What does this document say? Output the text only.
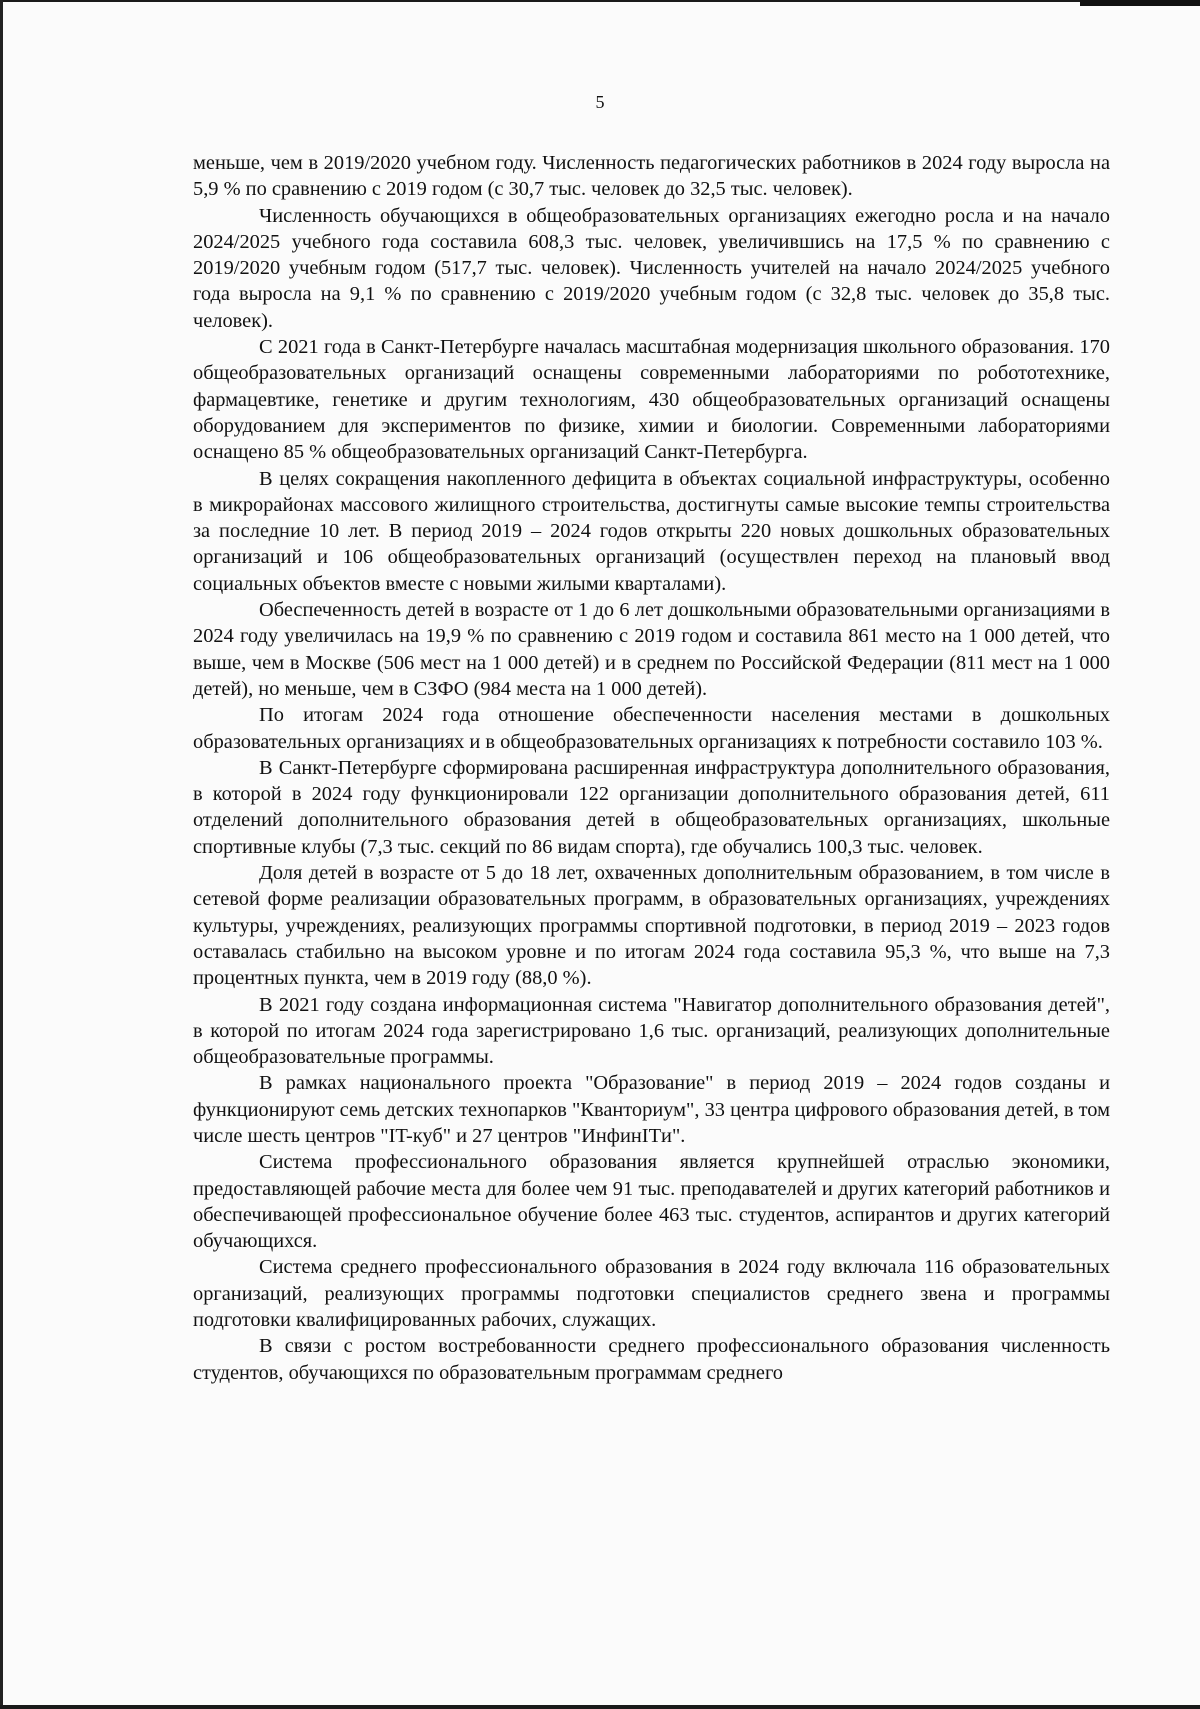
5

меньше, чем в 2019/2020 учебном году. Численность педагогических работников в 2024 году выросла на 5,9 % по сравнению с 2019 годом (с 30,7 тыс. человек до 32,5 тыс. человек).

Численность обучающихся в общеобразовательных организациях ежегодно росла и на начало 2024/2025 учебного года составила 608,3 тыс. человек, увеличившись на 17,5 % по сравнению с 2019/2020 учебным годом (517,7 тыс. человек). Численность учителей на начало 2024/2025 учебного года выросла на 9,1 % по сравнению с 2019/2020 учебным годом (с 32,8 тыс. человек до 35,8 тыс. человек).

С 2021 года в Санкт-Петербурге началась масштабная модернизация школьного образования. 170 общеобразовательных организаций оснащены современными лабораториями по робототехнике, фармацевтике, генетике и другим технологиям, 430 общеобразовательных организаций оснащены оборудованием для экспериментов по физике, химии и биологии. Современными лабораториями оснащено 85 % общеобразовательных организаций Санкт-Петербурга.

В целях сокращения накопленного дефицита в объектах социальной инфраструктуры, особенно в микрорайонах массового жилищного строительства, достигнуты самые высокие темпы строительства за последние 10 лет. В период 2019 – 2024 годов открыты 220 новых дошкольных образовательных организаций и 106 общеобразовательных организаций (осуществлен переход на плановый ввод социальных объектов вместе с новыми жилыми кварталами).

Обеспеченность детей в возрасте от 1 до 6 лет дошкольными образовательными организациями в 2024 году увеличилась на 19,9 % по сравнению с 2019 годом и составила 861 место на 1 000 детей, что выше, чем в Москве (506 мест на 1 000 детей) и в среднем по Российской Федерации (811 мест на 1 000 детей), но меньше, чем в СЗФО (984 места на 1 000 детей).

По итогам 2024 года отношение обеспеченности населения местами в дошкольных образовательных организациях и в общеобразовательных организациях к потребности составило 103 %.

В Санкт-Петербурге сформирована расширенная инфраструктура дополнительного образования, в которой в 2024 году функционировали 122 организации дополнительного образования детей, 611 отделений дополнительного образования детей в общеобразовательных организациях, школьные спортивные клубы (7,3 тыс. секций по 86 видам спорта), где обучались 100,3 тыс. человек.

Доля детей в возрасте от 5 до 18 лет, охваченных дополнительным образованием, в том числе в сетевой форме реализации образовательных программ, в образовательных организациях, учреждениях культуры, учреждениях, реализующих программы спортивной подготовки, в период 2019 – 2023 годов оставалась стабильно на высоком уровне и по итогам 2024 года составила 95,3 %, что выше на 7,3 процентных пункта, чем в 2019 году (88,0 %).

В 2021 году создана информационная система "Навигатор дополнительного образования детей", в которой по итогам 2024 года зарегистрировано 1,6 тыс. организаций, реализующих дополнительные общеобразовательные программы.

В рамках национального проекта "Образование" в период 2019 – 2024 годов созданы и функционируют семь детских технопарков "Кванториум", 33 центра цифрового образования детей, в том числе шесть центров "IT-куб" и 27 центров "ИнфинITи".

Система профессионального образования является крупнейшей отраслью экономики, предоставляющей рабочие места для более чем 91 тыс. преподавателей и других категорий работников и обеспечивающей профессиональное обучение более 463 тыс. студентов, аспирантов и других категорий обучающихся.

Система среднего профессионального образования в 2024 году включала 116 образовательных организаций, реализующих программы подготовки специалистов среднего звена и программы подготовки квалифицированных рабочих, служащих.

В связи с ростом востребованности среднего профессионального образования численность студентов, обучающихся по образовательным программам среднего
